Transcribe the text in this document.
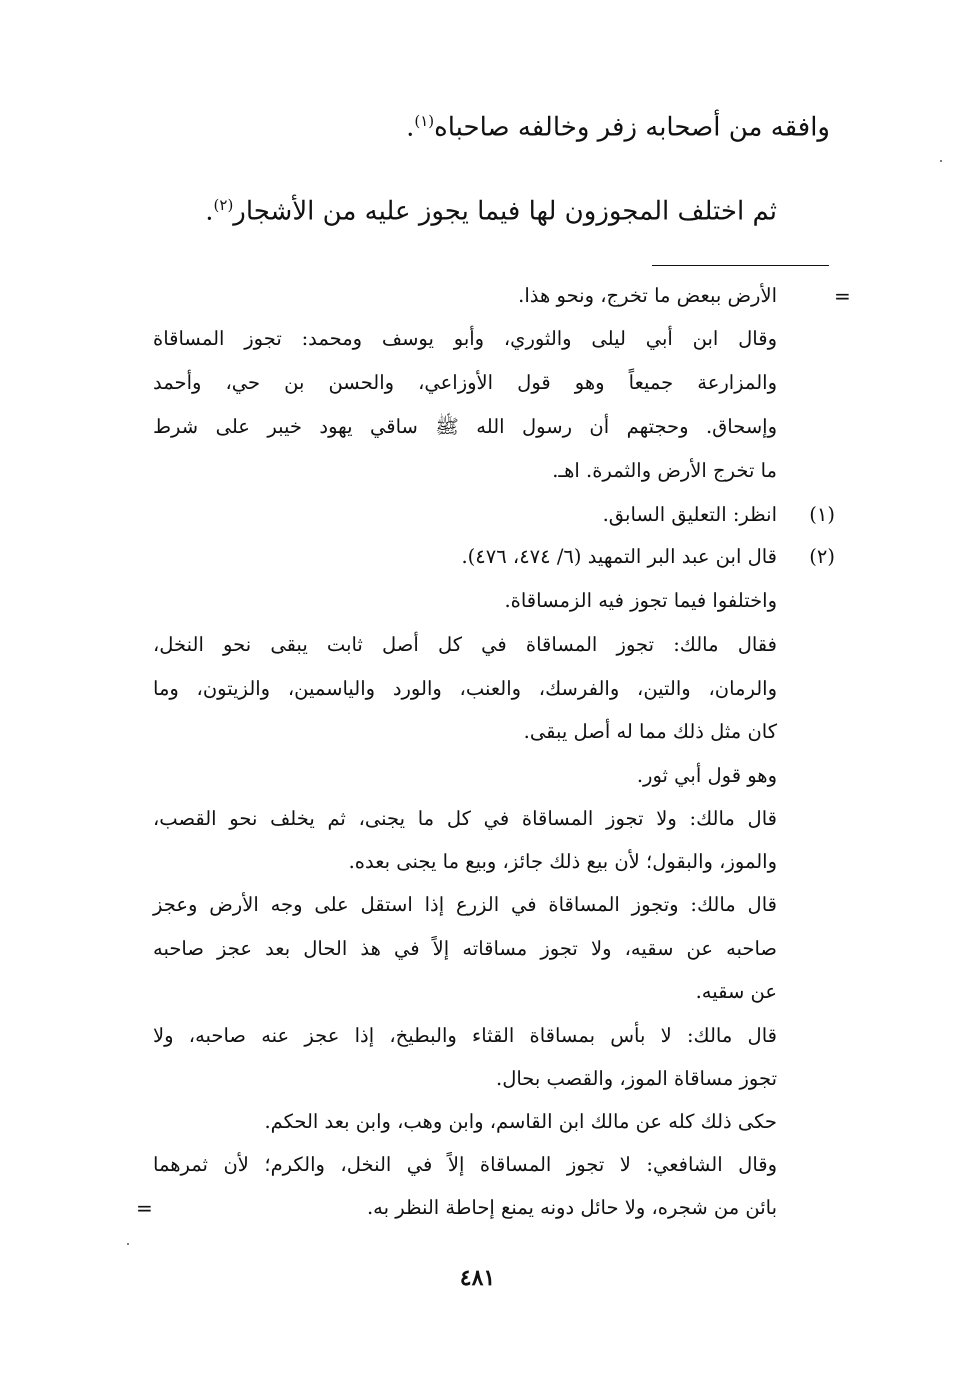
وافقه من أصحابه زفر وخالفه صاحباه$^{(١)}$.
ثم اختلف المجوزون لها فيما يجوز عليه من الأشجار$^{(٢)}$.
=
الأرض ببعض ما تخرج، ونحو هذا.
وقال ابن أبي ليلى والثوري، وأبو يوسف ومحمد: تجوز المساقاة
والمزارعة جميعاً وهو قول الأوزاعي، والحسن بن حي، وأحمد
وإسحاق. وحجتهم أن رسول الله ﷺ ساقي يهود خيبر على شرط
ما تخرج الأرض والثمرة. اهـ.
(١)
انظر: التعليق السابق.
(٢)
قال ابن عبد البر التمهيد (٦/ ٤٧٤، ٤٧٦).
واختلفوا فيما تجوز فيه الزمساقاة.
فقال مالك: تجوز المساقاة في كل أصل ثابت يبقى نحو النخل،
والرمان، والتين، والفرسك، والعنب، والورد والياسمين، والزيتون، وما
كان مثل ذلك مما له أصل يبقى.
وهو قول أبي ثور.
قال مالك: ولا تجوز المساقاة في كل ما يجنى، ثم يخلف نحو القصب،
والموز، والبقول؛ لأن بيع ذلك جائز، وبيع ما يجنى بعده.
قال مالك: وتجوز المساقاة في الزرع إذا استقل على وجه الأرض وعجز
صاحبه عن سقيه، ولا تجوز مساقاته إلاً في هذ الحال بعد عجز صاحبه
عن سقيه.
قال مالك: لا بأس بمساقاة القثاء والبطيخ، إذا عجز عنه صاحبه، ولا
تجوز مساقاة الموز، والقصب بحال.
حكى ذلك كله عن مالك ابن القاسم، وابن وهب، وابن بعد الحكم.
وقال الشافعي: لا تجوز المساقاة إلاً في النخل، والكرم؛ لأن ثمرهما
بائن من شجره، ولا حائل دونه يمنع إحاطة النظر به.
=
٤٨١
